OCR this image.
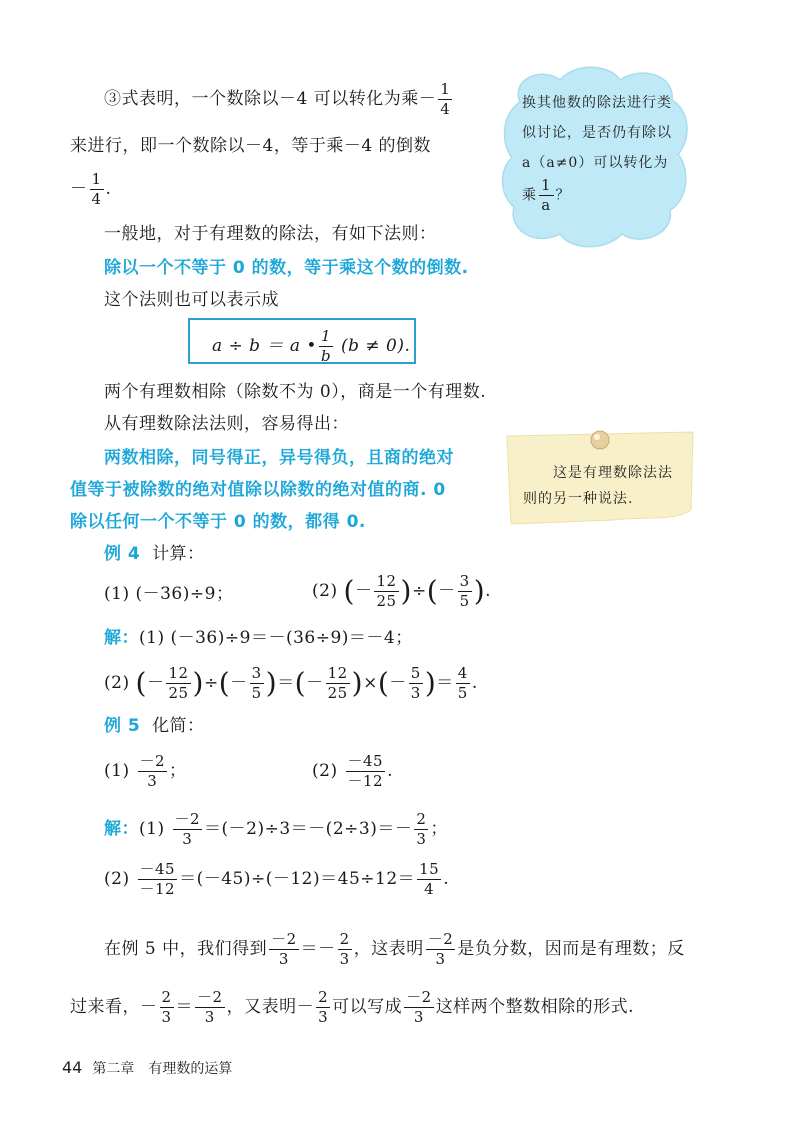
③式表明，一个数除以－4 可以转化为乘－ $\frac{1}{4}$
来进行，即一个数除以－4，等于乘－4 的倒数
－ $\frac{1}{4}$ .
换其他数的除法进行类似讨论，是否仍有除以 a（a≠0）可以转化为乘 $\frac{1}{a}$ ？
一般地，对于有理数的除法，有如下法则：
除以一个不等于 0 的数，等于乘这个数的倒数.
这个法则也可以表示成
a ÷ b ＝ a • $\frac{1}{b} (b \ne 0)$.
两个有理数相除（除数不为 0），商是一个有理数.
从有理数除法法则，容易得出：
两数相除，同号得正，异号得负，且商的绝对
值等于被除数的绝对值除以除数的绝对值的商. 0
除以任何一个不等于 0 的数，都得 0.
这是有理数除法法
则的另一种说法.
例 4 计算：
(1) (－36)÷9；	(2) (－ $\frac{12}{25}$ )÷(－ $\frac{3}{5}$ ).
解：(1) (－36)÷9＝－(36÷9)＝－4；
(2) (－ $\frac{12}{25}$ )÷(－ $\frac{3}{5}$ )＝(－ $\frac{12}{25}$ )×(－ $\frac{5}{3}$ )＝ $\frac{4}{5}$ .
例 5 化简：
$(1) \frac{-2}{3}$ ；	$(2) \frac{-45}{-12}$ .
解：$(1) \frac{-2}{3} =(-2)\div 3=-(2\div 3)=- \frac{2}{3}$ ；
$(2) \frac{-45}{-12} =(-45)\div(-12)=45\div 12= \frac{15}{4}$ .
在例 5 中，我们得到 $\frac{-2}{3} =- \frac{2}{3}$ ，这表明 $\frac{-2}{3}$ 是负分数，因而是有理数；反
过来看，－ $\frac{2}{3} = \frac{-2}{3}$ ，又表明－ $\frac{2}{3}$ 可以写成 $\frac{-2}{3}$ 这样两个整数相除的形式.
44 第二章　有理数的运算
